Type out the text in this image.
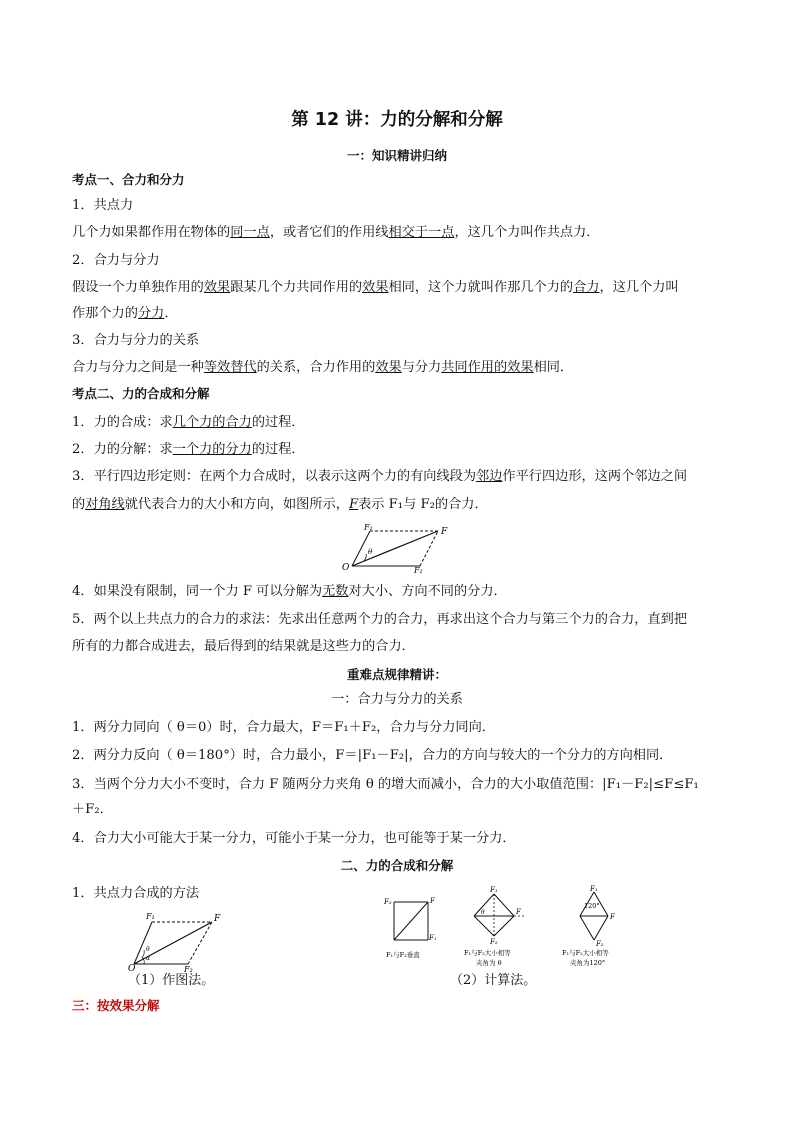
第 12 讲：力的分解和分解
一：知识精讲归纳
考点一、合力和分力
1．共点力
几个力如果都作用在物体的同一点，或者它们的作用线相交于一点，这几个力叫作共点力．
2．合力与分力
假设一个力单独作用的效果跟某几个力共同作用的效果相同，这个力就叫作那几个力的合力，这几个力叫
作那个力的分力．
3．合力与分力的关系
合力与分力之间是一种等效替代的关系，合力作用的效果与分力共同作用的效果相同．
考点二、力的合成和分解
1．力的合成：求几个力的合力的过程．
2．力的分解：求一个力的分力的过程．
3．平行四边形定则：在两个力合成时，以表示这两个力的有向线段为邻边作平行四边形，这两个邻边之间
的对角线就代表合力的大小和方向，如图所示，F表示 F₁与 F₂的合力．
F₁	F
O	F₂
θ
4．如果没有限制，同一个力 F 可以分解为无数对大小、方向不同的分力．
5．两个以上共点力的合力的求法：先求出任意两个力的合力，再求出这个合力与第三个力的合力，直到把
所有的力都合成进去，最后得到的结果就是这些力的合力．
重难点规律精讲：
一：合力与分力的关系
1．两分力同向（ θ＝0）时，合力最大，F＝F₁＋F₂，合力与分力同向．
2．两分力反向（ θ＝180°）时，合力最小，F＝|F₁－F₂|，合力的方向与较大的一个分力的方向相同．
3．当两个分力大小不变时，合力 F 随两分力夹角 θ 的增大而减小，合力的大小取值范围：|F₁－F₂|≤F≤F₁
＋F₂．
4．合力大小可能大于某一分力，可能小于某一分力，也可能等于某一分力．
二、力的合成和分解
1．共点力合成的方法
F₁	F
O	F₂
θ
α
（1）作图法。
F₂	F
F₁
F₁与F₂垂直
F₁
F
F₂
θ
F₁与F₂大小相等
夹角为 θ
F₁
F
F₂
120°
F₁与F₂大小相等
夹角为120°
（2）计算法。
三：按效果分解
